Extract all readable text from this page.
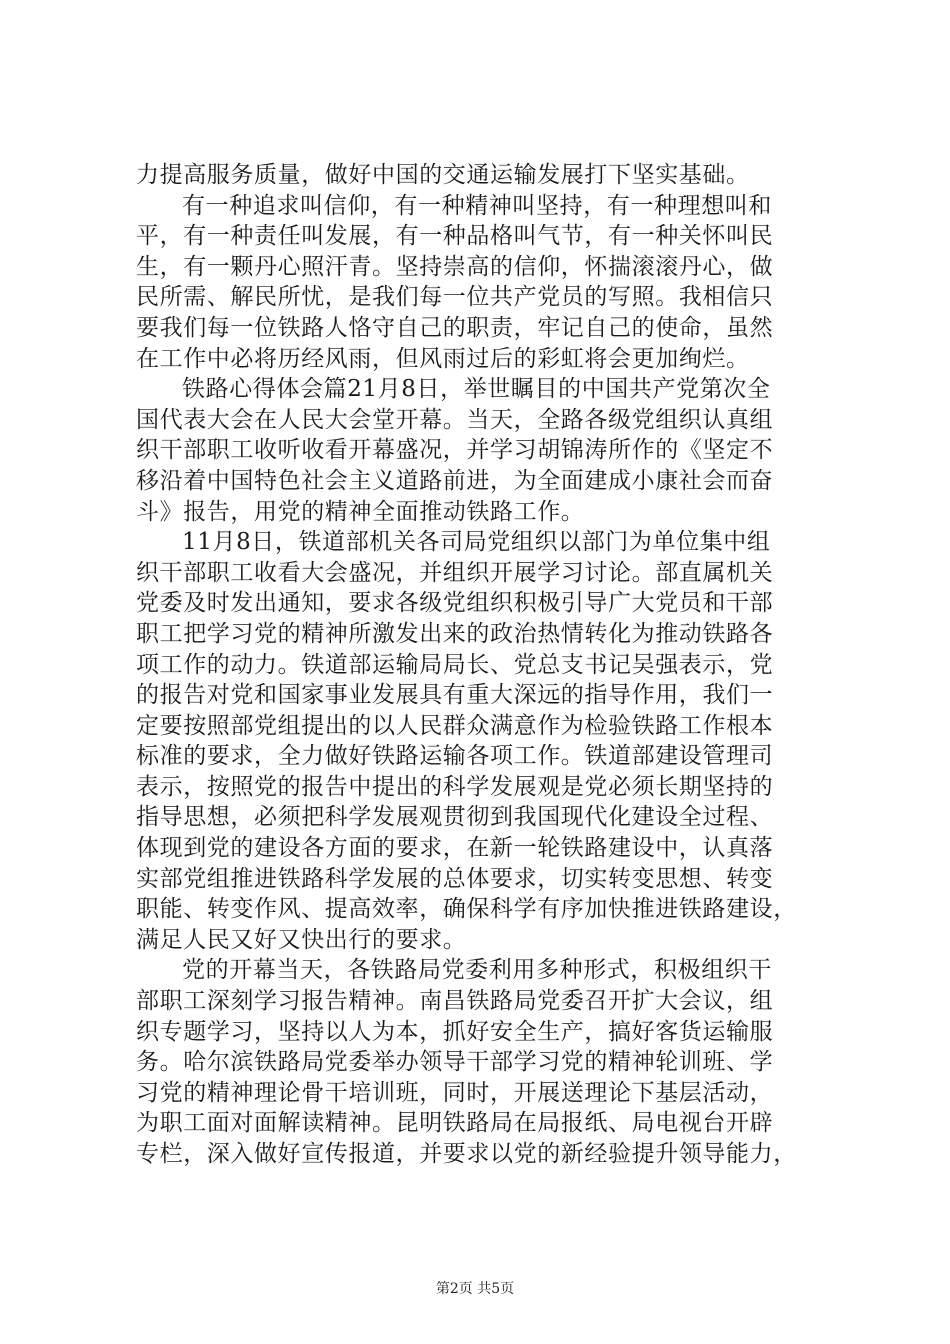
力提高服务质量，做好中国的交通运输发展打下坚实基础。
有一种追求叫信仰，有一种精神叫坚持，有一种理想叫和
平，有一种责任叫发展，有一种品格叫气节，有一种关怀叫民
生，有一颗丹心照汗青。坚持崇高的信仰，怀揣滚滚丹心，做
民所需、解民所忧，是我们每一位共产党员的写照。我相信只
要我们每一位铁路人恪守自己的职责，牢记自己的使命，虽然
在工作中必将历经风雨，但风雨过后的彩虹将会更加绚烂。
铁路心得体会篇21月8日，举世瞩目的中国共产党第次全
国代表大会在人民大会堂开幕。当天，全路各级党组织认真组
织干部职工收听收看开幕盛况，并学习胡锦涛所作的《坚定不
移沿着中国特色社会主义道路前进，为全面建成小康社会而奋
斗》报告，用党的精神全面推动铁路工作。
11月8日，铁道部机关各司局党组织以部门为单位集中组
织干部职工收看大会盛况，并组织开展学习讨论。部直属机关
党委及时发出通知，要求各级党组织积极引导广大党员和干部
职工把学习党的精神所激发出来的政治热情转化为推动铁路各
项工作的动力。铁道部运输局局长、党总支书记吴强表示，党
的报告对党和国家事业发展具有重大深远的指导作用，我们一
定要按照部党组提出的以人民群众满意作为检验铁路工作根本
标准的要求，全力做好铁路运输各项工作。铁道部建设管理司
表示，按照党的报告中提出的科学发展观是党必须长期坚持的
指导思想，必须把科学发展观贯彻到我国现代化建设全过程、
体现到党的建设各方面的要求，在新一轮铁路建设中，认真落
实部党组推进铁路科学发展的总体要求，切实转变思想、转变
职能、转变作风、提高效率，确保科学有序加快推进铁路建设，
满足人民又好又快出行的要求。
党的开幕当天，各铁路局党委利用多种形式，积极组织干
部职工深刻学习报告精神。南昌铁路局党委召开扩大会议，组
织专题学习，坚持以人为本，抓好安全生产，搞好客货运输服
务。哈尔滨铁路局党委举办领导干部学习党的精神轮训班、学
习党的精神理论骨干培训班，同时，开展送理论下基层活动，
为职工面对面解读精神。昆明铁路局在局报纸、局电视台开辟
专栏，深入做好宣传报道，并要求以党的新经验提升领导能力，
第2页 共5页
